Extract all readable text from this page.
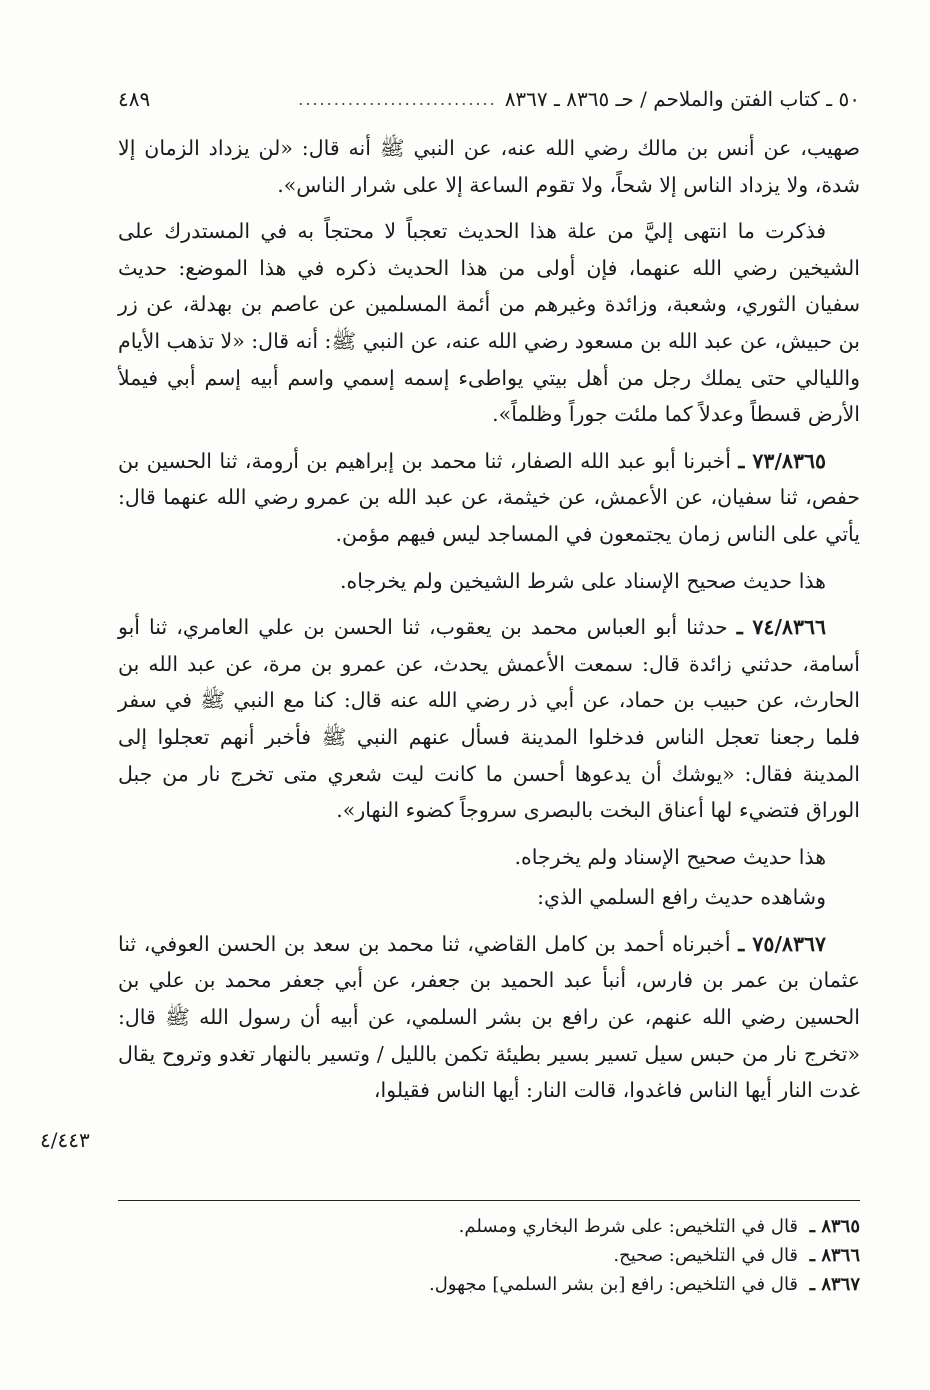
٥٠ ـ كتاب الفتن والملاحم / حـ ٨٣٦٥ ـ ٨٣٦٧
............................
٤٨٩

صهيب، عن أنس بن مالك رضي الله عنه، عن النبي ﷺ أنه قال: «لن يزداد الزمان إلا شدة، ولا يزداد الناس إلا شحاً، ولا تقوم الساعة إلا على شرار الناس».

فذكرت ما انتهى إليَّ من علة هذا الحديث تعجباً لا محتجاً به في المستدرك على الشيخين رضي الله عنهما، فإن أولى من هذا الحديث ذكره في هذا الموضع: حديث سفيان الثوري، وشعبة، وزائدة وغيرهم من أئمة المسلمين عن عاصم بن بهدلة، عن زر بن حبيش، عن عبد الله بن مسعود رضي الله عنه، عن النبي ﷺ: أنه قال: «لا تذهب الأيام والليالي حتى يملك رجل من أهل بيتي يواطىء إسمه إسمي واسم أبيه إسم أبي فيملأ الأرض قسطاً وعدلاً كما ملئت جوراً وظلماً».

٧٣/٨٣٦٥ ـ أخبرنا أبو عبد الله الصفار، ثنا محمد بن إبراهيم بن أرومة، ثنا الحسين بن حفص، ثنا سفيان، عن الأعمش، عن خيثمة، عن عبد الله بن عمرو رضي الله عنهما قال: يأتي على الناس زمان يجتمعون في المساجد ليس فيهم مؤمن.

هذا حديث صحيح الإسناد على شرط الشيخين ولم يخرجاه.

٧٤/٨٣٦٦ ـ حدثنا أبو العباس محمد بن يعقوب، ثنا الحسن بن علي العامري، ثنا أبو أسامة، حدثني زائدة قال: سمعت الأعمش يحدث، عن عمرو بن مرة، عن عبد الله بن الحارث، عن حبيب بن حماد، عن أبي ذر رضي الله عنه قال: كنا مع النبي ﷺ في سفر فلما رجعنا تعجل الناس فدخلوا المدينة فسأل عنهم النبي ﷺ فأخبر أنهم تعجلوا إلى المدينة فقال: «يوشك أن يدعوها أحسن ما كانت ليت شعري متى تخرج نار من جبل الوراق فتضيء لها أعناق البخت بالبصرى سروجاً كضوء النهار».

هذا حديث صحيح الإسناد ولم يخرجاه.

وشاهده حديث رافع السلمي الذي:

٧٥/٨٣٦٧ ـ أخبرناه أحمد بن كامل القاضي، ثنا محمد بن سعد بن الحسن العوفي، ثنا عثمان بن عمر بن فارس، أنبأ عبد الحميد بن جعفر، عن أبي جعفر محمد بن علي بن الحسين رضي الله عنهم، عن رافع بن بشر السلمي، عن أبيه أن رسول الله ﷺ قال: «تخرج نار من حبس سيل تسير بسير بطيئة تكمن بالليل / وتسير بالنهار تغدو وتروح يقال غدت النار أيها الناس فاغدوا، قالت النار: أيها الناس فقيلوا،

٤/٤٤٣
٨٣٦٥ ـ قال في التلخيص: على شرط البخاري ومسلم.
٨٣٦٦ ـ قال في التلخيص: صحيح.
٨٣٦٧ ـ قال في التلخيص: رافع [بن بشر السلمي] مجهول.
